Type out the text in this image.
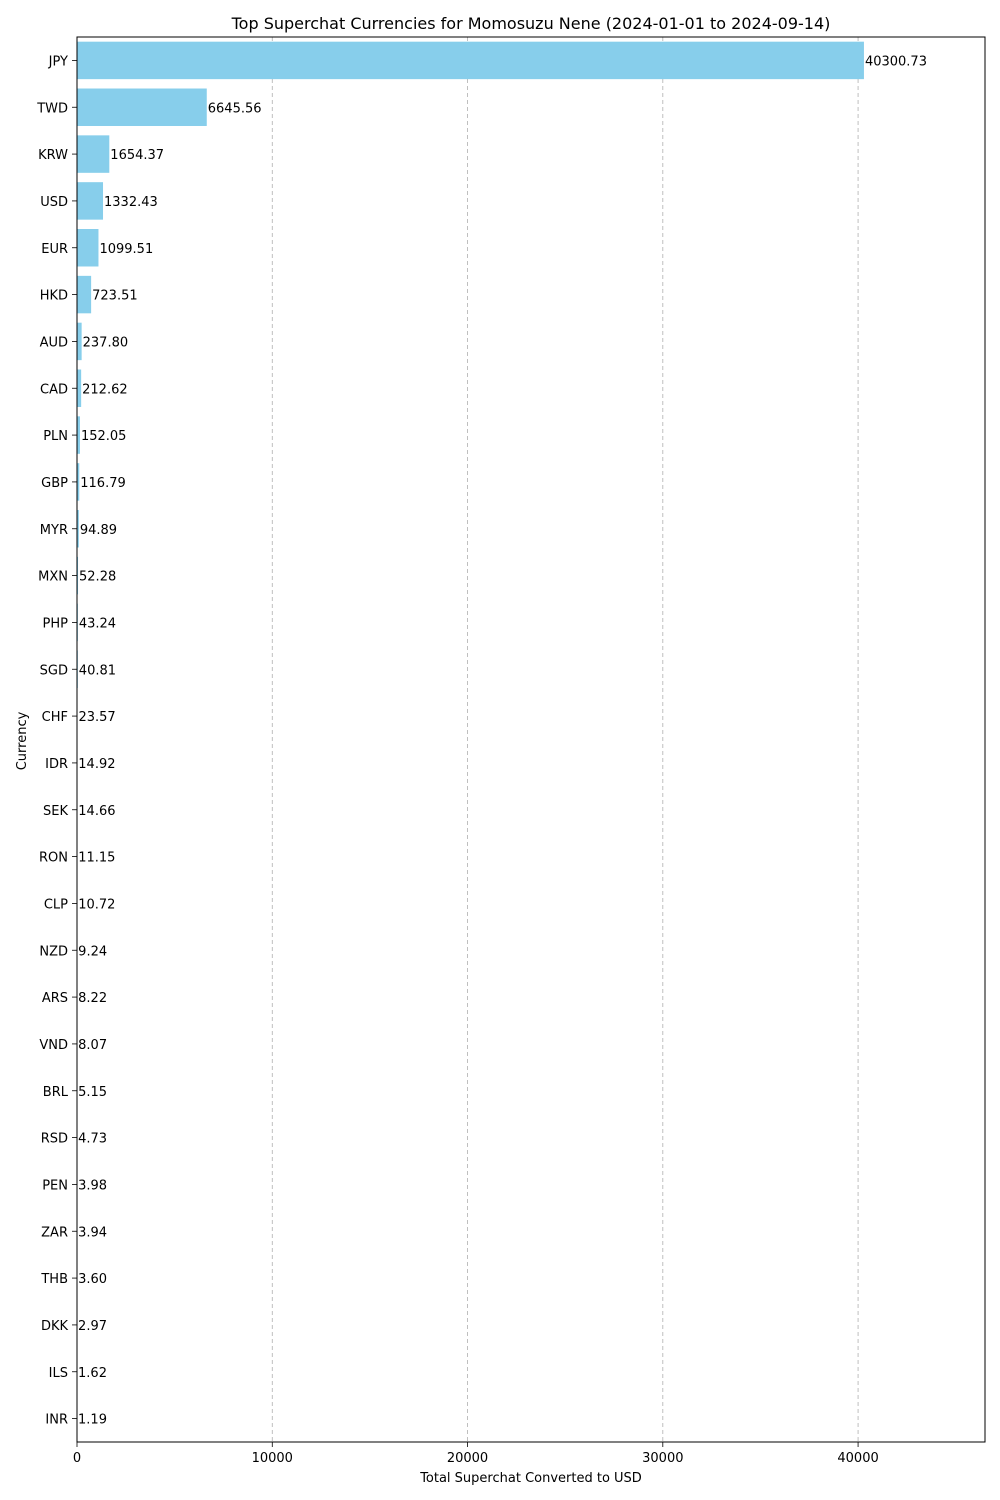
40300.73
6645.56
1654.37
1332.43
1099.51
723.51
237.80
212.62
152.05
116.79
94.89
52.28
43.24
40.81
23.57
14.92
14.66
11.15
10.72
9.24
8.22
8.07
5.15
4.73
3.98
3.94
3.60
2.97
1.62
1.19
JPY
TWD
KRW
USD
EUR
HKD
AUD
CAD
PLN
GBP
MYR
MXN
PHP
SGD
CHF
IDR
SEK
RON
CLP
NZD
ARS
VND
BRL
RSD
PEN
ZAR
THB
DKK
ILS
INR
0	10000	20000	30000	40000
Top Superchat Currencies for Momosuzu Nene (2024-01-01 to 2024-09-14)
Total Superchat Converted to USD
Currency
